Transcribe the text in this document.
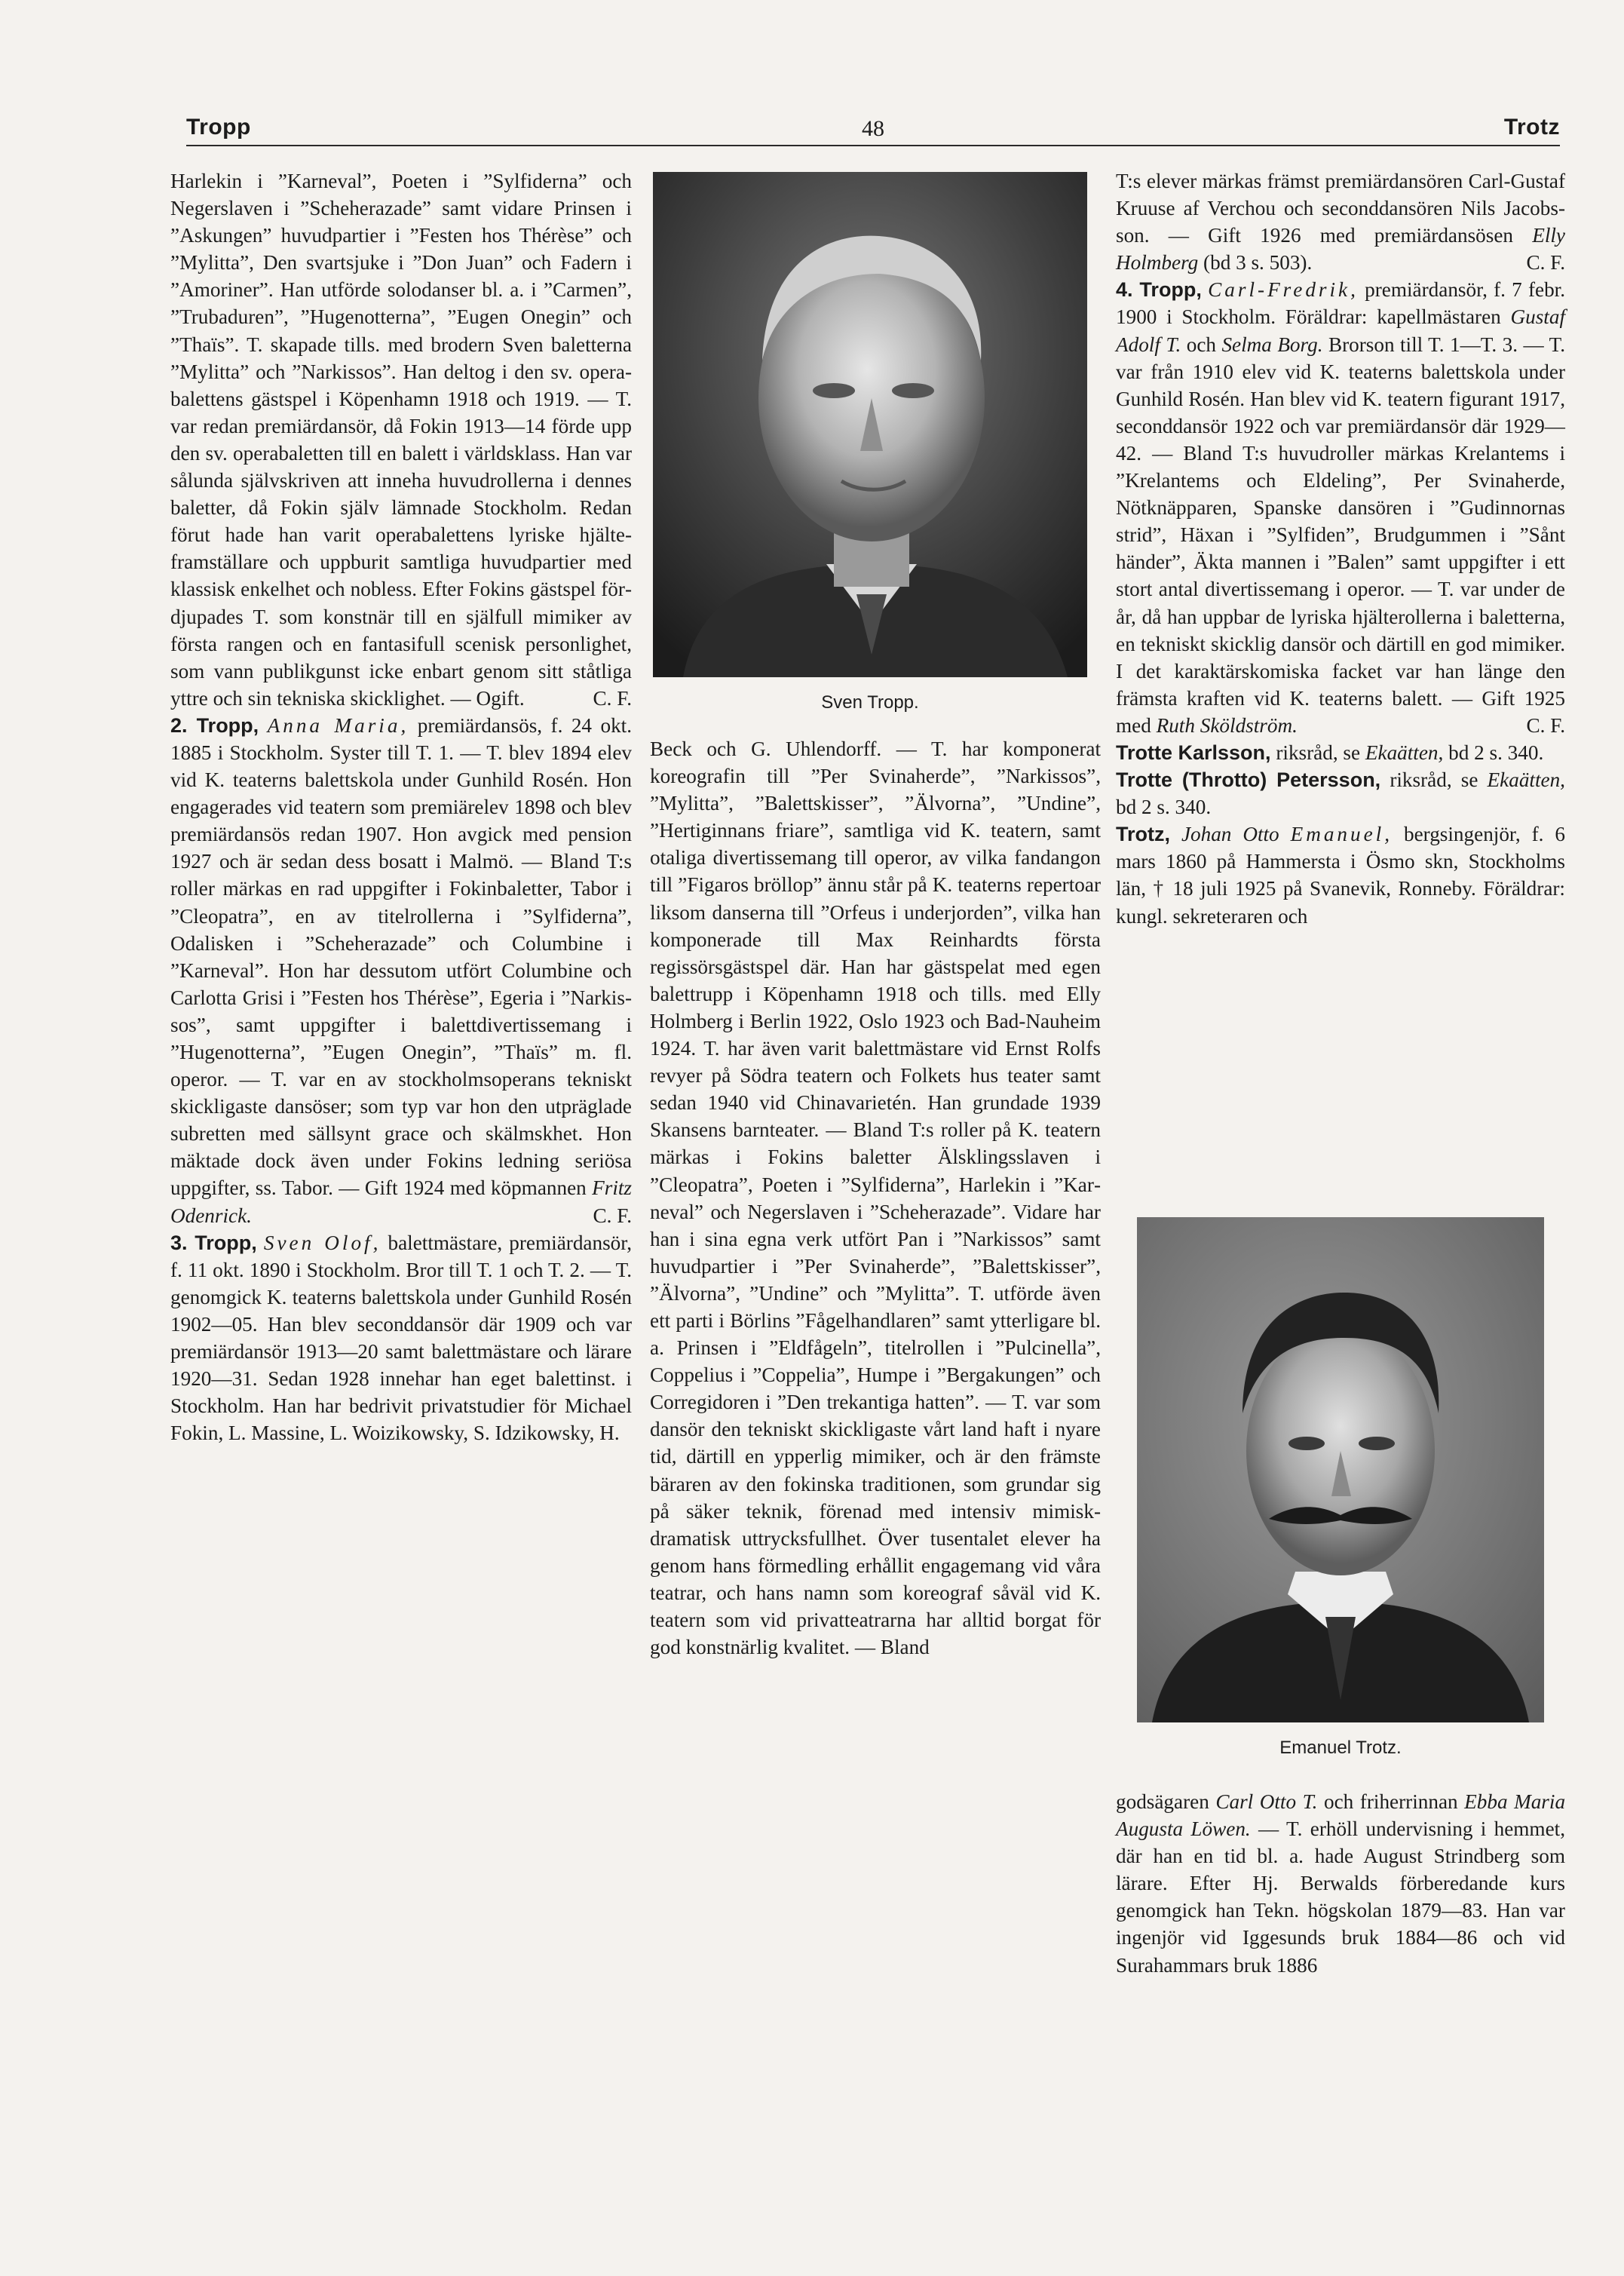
Tropp	48	Trotz

Harlekin i ”Karneval”, Poeten i ”Sylfiderna” och Negerslaven i ”Scheherazade” samt vidare Prinsen i ”Askungen” huvudpartier i ”Festen hos Thérèse” och ”Mylitta”, Den svartsjuke i ”Don Juan” och Fadern i ”Amoriner”. Han utförde solodanser bl. a. i ”Carmen”, ”Trubaduren”, ”Hugenotterna”, ”Eugen Onegin” och ”Thaïs”. T. skapade tills. med brodern Sven baletterna ”Mylitta” och ”Narkissos”. Han deltog i den sv. operabalettens gästspel i Köpenhamn 1918 och 1919. — T. var redan premiärdansör, då Fokin 1913—14 förde upp den sv. operabaletten till en balett i världsklass. Han var sålunda självskriven att inneha huvudrollerna i dennes baletter, då Fokin själv lämnade Stockholm. Redan förut hade han varit operabalettens lyriske hjälteframställare och uppburit samtliga huvudpartier med klassisk enkelhet och nobless. Efter Fokins gästspel fördjupades T. som konstnär till en själfull mimiker av första rangen och en fantasifull scenisk personlighet, som vann publikgunst icke enbart genom sitt ståtliga yttre och sin tekniska skicklighet. — Ogift.	C. F.

2. Tropp, Anna Maria, premiärdansös, f. 24 okt. 1885 i Stockholm. Syster till T. 1. — T. blev 1894 elev vid K. teaterns balettskola under Gunhild Rosén. Hon engagerades vid teatern som premiärelev 1898 och blev premiärdansös redan 1907. Hon avgick med pension 1927 och är sedan dess bosatt i Malmö. — Bland T:s roller märkas en rad uppgifter i Fokinbaletter, Tabor i ”Cleopatra”, en av titelrollerna i ”Sylfiderna”, Odalisken i ”Scheherazade” och Columbine i ”Karneval”. Hon har dessutom utfört Columbine och Carlotta Grisi i ”Festen hos Thérèse”, Egeria i ”Narkissos”, samt uppgifter i balettdivertissemang i ”Hugenotterna”, ”Eugen Onegin”, ”Thaïs” m. fl. operor. — T. var en av stockholmsoperans tekniskt skickligaste dansöser; som typ var hon den utpräglade subretten med sällsynt grace och skälmskhet. Hon mäktade dock även under Fokins ledning seriösa uppgifter, ss. Tabor. — Gift 1924 med köpmannen Fritz Odenrick.	C. F.

3. Tropp, Sven Olof, balettmästare, premiärdansör, f. 11 okt. 1890 i Stockholm. Bror till T. 1 och T. 2. — T. genomgick K. teaterns balettskola under Gunhild Rosén 1902—05. Han blev seconddansör där 1909 och var premiärdansör 1913—20 samt balettmästare och lärare 1920—31. Sedan 1928 innehar han eget balettinst. i Stockholm. Han har bedrivit privatstudier för Michael Fokin, L. Massine, L. Woizikowsky, S. Idzikowsky, H.

Sven Tropp.

Beck och G. Uhlendorff. — T. har komponerat koreografin till ”Per Svinaherde”, ”Narkissos”, ”Mylitta”, ”Balettskisser”, ”Älvorna”, ”Undine”, ”Hertiginnans friare”, samtliga vid K. teatern, samt otaliga divertissemang till operor, av vilka fandangon till ”Figaros bröllop” ännu står på K. teaterns repertoar liksom danserna till ”Orfeus i underjorden”, vilka han komponerade till Max Reinhardts första regissörsgästspel där. Han har gästspelat med egen balettrupp i Köpenhamn 1918 och tills. med Elly Holmberg i Berlin 1922, Oslo 1923 och Bad-Nauheim 1924. T. har även varit balettmästare vid Ernst Rolfs revyer på Södra teatern och Folkets hus teater samt sedan 1940 vid Chinavarietén. Han grundade 1939 Skansens barnteater. — Bland T:s roller på K. teatern märkas i Fokins baletter Älsklingsslaven i ”Cleopatra”, Poeten i ”Sylfiderna”, Harlekin i ”Karneval” och Negerslaven i ”Scheherazade”. Vidare har han i sina egna verk utfört Pan i ”Narkissos” samt huvudpartier i ”Per Svinaherde”, ”Balettskisser”, ”Älvorna”, ”Undine” och ”Mylitta”. T. utförde även ett parti i Börlins ”Fågelhandlaren” samt ytterligare bl. a. Prinsen i ”Eldfågeln”, titelrollen i ”Pulcinella”, Coppelius i ”Coppelia”, Humpe i ”Bergakungen” och Corregidoren i ”Den trekantiga hatten”. — T. var som dansör den tekniskt skickligaste vårt land haft i nyare tid, därtill en ypperlig mimiker, och är den främste bäraren av den fokinska traditionen, som grundar sig på säker teknik, förenad med intensiv mimisk-dramatisk uttrycksfullhet. Över tusentalet elever ha genom hans förmedling erhållit engagemang vid våra teatrar, och hans namn som koreograf såväl vid K. teatern som vid privatteatrarna har alltid borgat för god konstnärlig kvalitet. — Bland

T:s elever märkas främst premiärdansören Carl-Gustaf Kruuse af Verchou och seconddansören Nils Jacobsson. — Gift 1926 med premiärdansösen Elly Holmberg (bd 3 s. 503).	C. F.

4. Tropp, Carl-Fredrik, premiärdansör, f. 7 febr. 1900 i Stockholm. Föräldrar: kapellmästaren Gustaf Adolf T. och Selma Borg. Brorson till T. 1—T. 3. — T. var från 1910 elev vid K. teaterns balettskola under Gunhild Rosén. Han blev vid K. teatern figurant 1917, seconddansör 1922 och var premiärdansör där 1929—42. — Bland T:s huvudroller märkas Krelantems i ”Krelantems och Eldeling”, Per Svinaherde, Nötknäpparen, Spanske dansören i ”Gudinnornas strid”, Häxan i ”Sylfiden”, Brudgummen i ”Sånt händer”, Äkta mannen i ”Balen” samt uppgifter i ett stort antal divertissemang i operor. — T. var under de år, då han uppbar de lyriska hjälterollerna i baletterna, en tekniskt skicklig dansör och därtill en god mimiker. I det karaktärskomiska facket var han länge den främsta kraften vid K. teaterns balett. — Gift 1925 med Ruth Sköldström.	C. F.

Trotte Karlsson, riksråd, se Ekaätten, bd 2 s. 340.

Trotte (Throtto) Petersson, riksråd, se Ekaätten, bd 2 s. 340.

Trotz, Johan Otto Emanuel, bergsingenjör, f. 6 mars 1860 på Hammersta i Ösmo skn, Stockholms län, † 18 juli 1925 på Svanevik, Ronneby. Föräldrar: kungl. sekreteraren och

Emanuel Trotz.

godsägaren Carl Otto T. och friherrinnan Ebba Maria Augusta Löwen. — T. erhöll undervisning i hemmet, där han en tid bl. a. hade August Strindberg som lärare. Efter Hj. Berwalds förberedande kurs genomgick han Tekn. högskolan 1879—83. Han var ingenjör vid Iggesunds bruk 1884—86 och vid Surahammars bruk 1886
